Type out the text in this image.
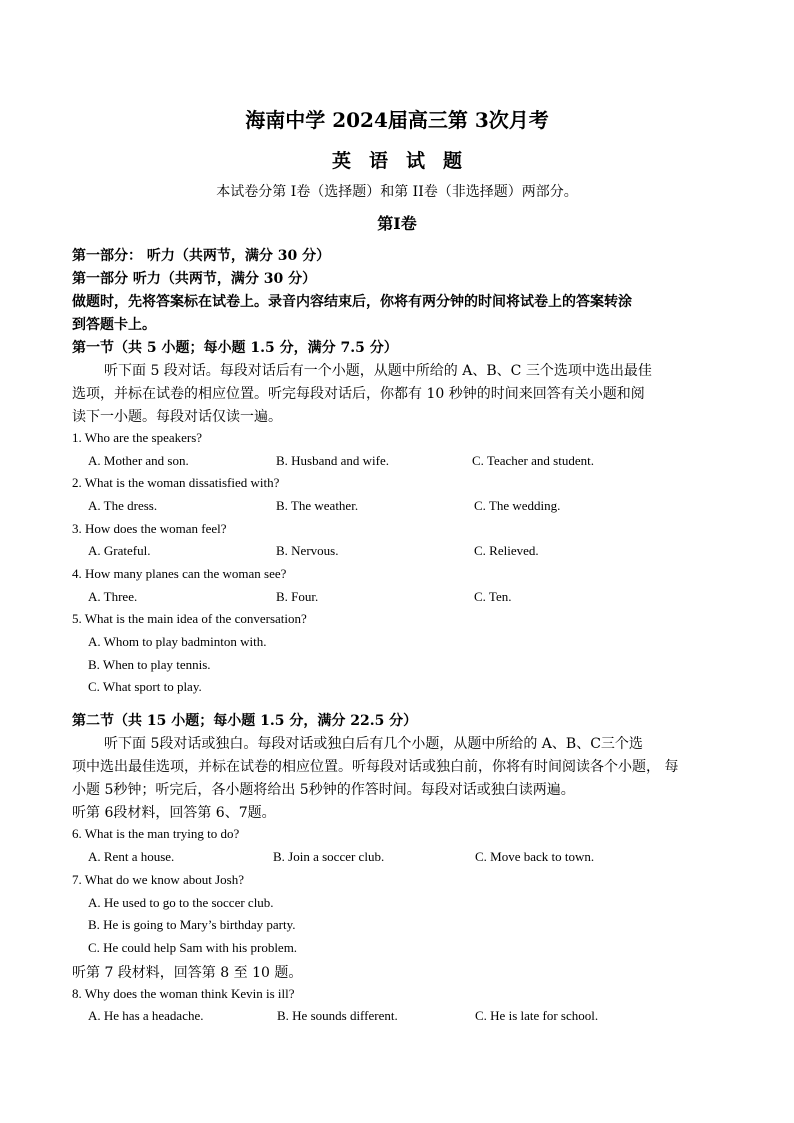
海南中学 2024届高三第 3次月考
英语试题
本试卷分第 I卷（选择题）和第 II卷（非选择题）两部分。
第I卷
第一部分： 听力（共两节，满分 30 分）
第一部分 听力（共两节，满分 30 分）
做题时，先将答案标在试卷上。录音内容结束后，你将有两分钟的时间将试卷上的答案转涂
到答题卡上。
第一节（共 5 小题；每小题 1.5 分，满分 7.5 分）
听下面 5 段对话。每段对话后有一个小题，从题中所给的 A、B、C 三个选项中选出最佳
选项，并标在试卷的相应位置。听完每段对话后，你都有 10 秒钟的时间来回答有关小题和阅
读下一小题。每段对话仅读一遍。
1. Who are the speakers?
A. Mother and son.	B. Husband and wife.	C. Teacher and student.
2. What is the woman dissatisfied with?
A. The dress.	B. The weather.	C. The wedding.
3. How does the woman feel?
A. Grateful.	B. Nervous.	C. Relieved.
4. How many planes can the woman see?
A. Three.	B. Four.	C. Ten.
5. What is the main idea of the conversation?
A. Whom to play badminton with.
B. When to play tennis.
C. What sport to play.
第二节（共 15 小题；每小题 1.5 分，满分 22.5 分）
听下面 5段对话或独白。每段对话或独白后有几个小题，从题中所给的 A、B、C三个选
项中选出最佳选项，并标在试卷的相应位置。听每段对话或独白前，你将有时间阅读各个小题， 每
小题 5秒钟；听完后，各小题将给出 5秒钟的作答时间。每段对话或独白读两遍。
听第 6段材料，回答第 6、7题。
6. What is the man trying to do?
A. Rent a house.	B. Join a soccer club.	C. Move back to town.
7. What do we know about Josh?
A. He used to go to the soccer club.
B. He is going to Mary’s birthday party.
C. He could help Sam with his problem.
听第 7 段材料，回答第 8 至 10 题。
8. Why does the woman think Kevin is ill?
A. He has a headache.	B. He sounds different.	C. He is late for school.
